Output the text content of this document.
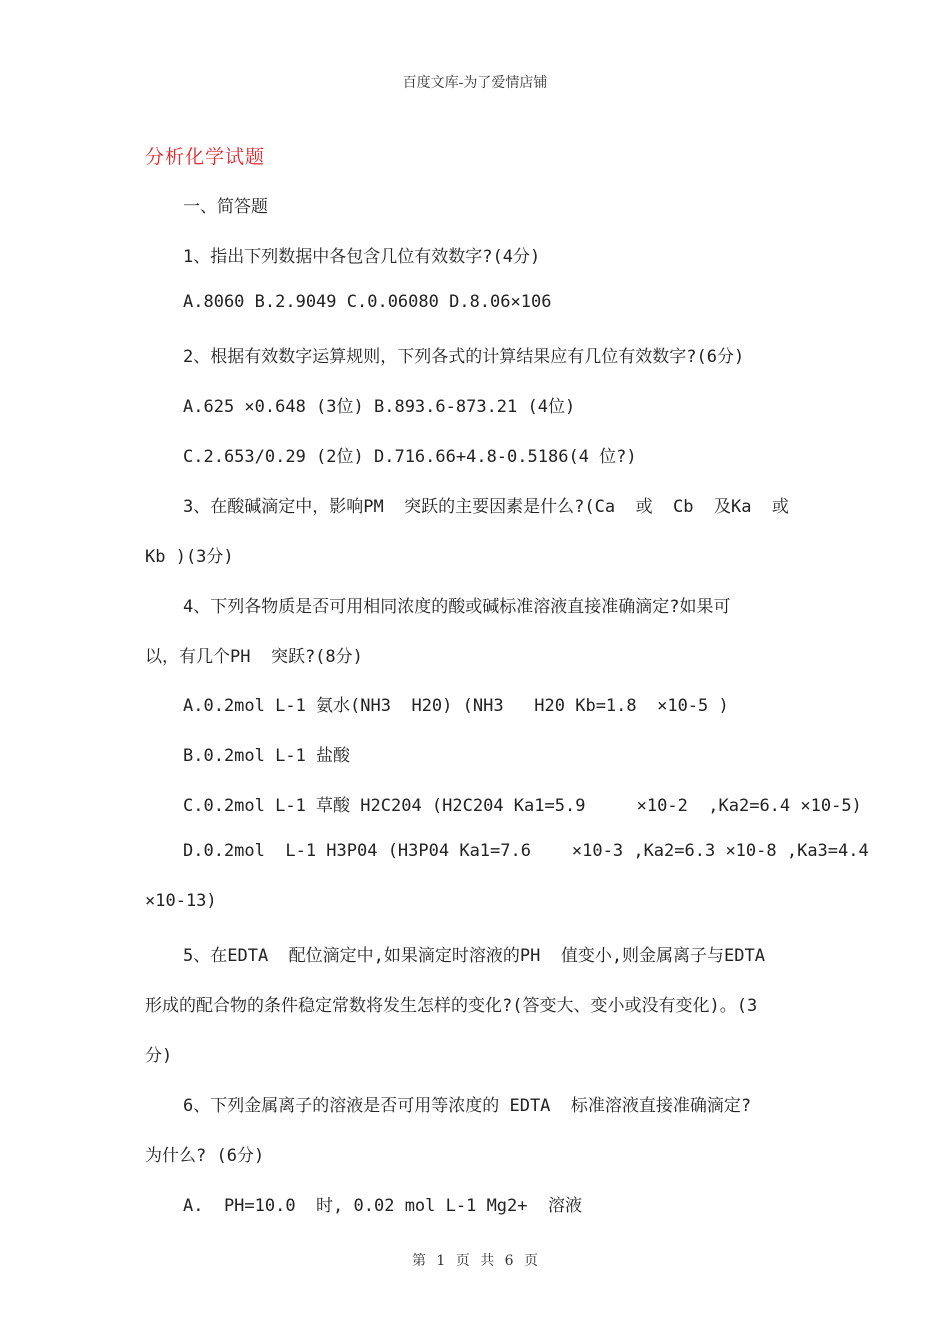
百度文库-为了爱情店铺
分析化学试题
一、简答题
1、指出下列数据中各包含几位有效数字?(4分)
A.8060 B.2.9049 C.0.06080 D.8.06×106
2、根据有效数字运算规则，下列各式的计算结果应有几位有效数字?(6分)
A.625 ×0.648 (3位) B.893.6-873.21 (4位)
C.2.653/0.29 (2位) D.716.66+4.8-0.5186(4 位?)
3、在酸碱滴定中，影响PM  突跃的主要因素是什么?(Ca  或  Cb  及Ka  或
Kb )(3分)
4、下列各物质是否可用相同浓度的酸或碱标准溶液直接准确滴定?如果可
以，有几个PH  突跃?(8分)
A.0.2mol L-1 氨水(NH3  H20) (NH3   H20 Kb=1.8  ×10-5 )
B.0.2mol L-1 盐酸
C.0.2mol L-1 草酸 H2C204 (H2C204 Ka1=5.9     ×10-2  ,Ka2=6.4 ×10-5)
D.0.2mol  L-1 H3P04 (H3P04 Ka1=7.6    ×10-3 ,Ka2=6.3 ×10-8 ,Ka3=4.4
×10-13)
5、在EDTA  配位滴定中,如果滴定时溶液的PH  值变小,则金属离子与EDTA
形成的配合物的条件稳定常数将发生怎样的变化?(答变大、变小或没有变化)。(3
分)
6、下列金属离子的溶液是否可用等浓度的 EDTA  标准溶液直接准确滴定?
为什么? (6分)
A.  PH=10.0  时, 0.02 mol L-1 Mg2+  溶液
第 1 页 共 6 页
